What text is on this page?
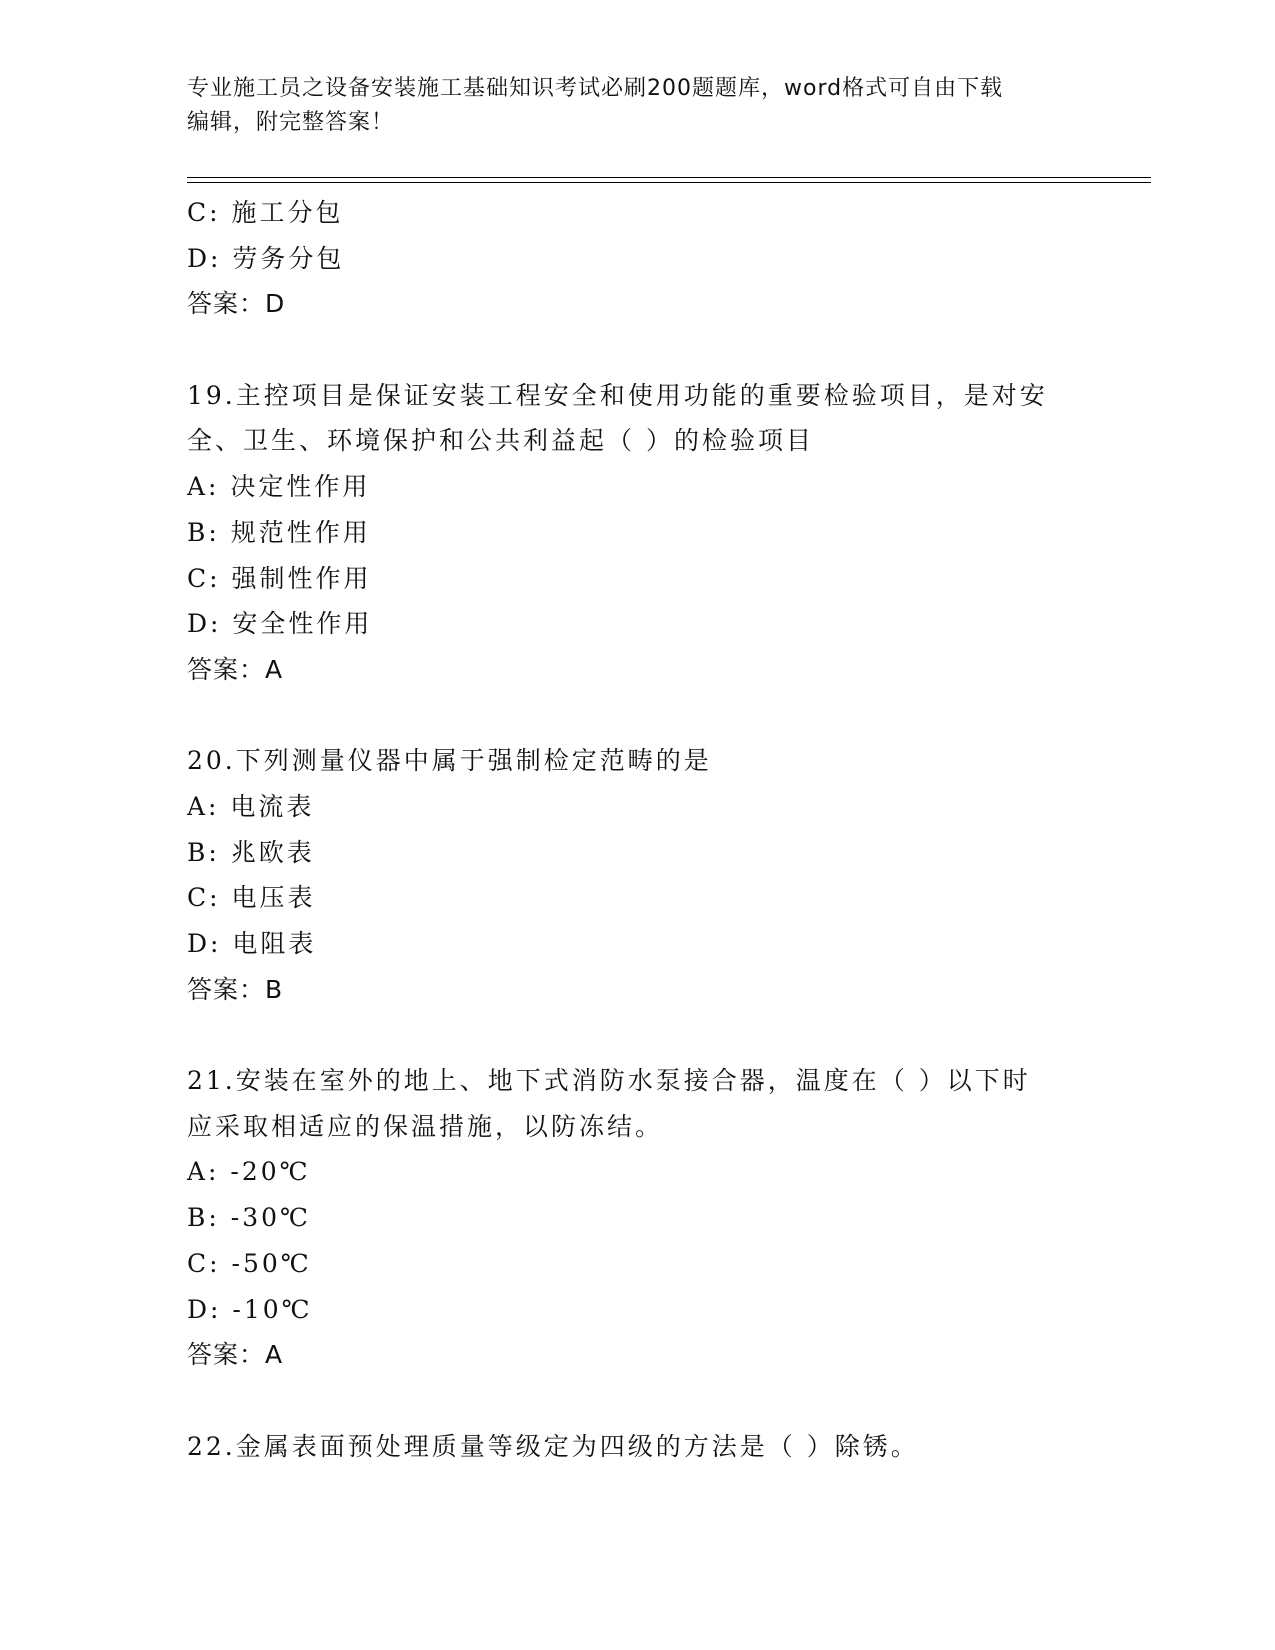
专业施工员之设备安装施工基础知识考试必刷200题题库，word格式可自由下载
编辑，附完整答案！
C: 施工分包
D: 劳务分包
答案：D
19.主控项目是保证安装工程安全和使用功能的重要检验项目，是对安
全、卫生、环境保护和公共利益起（ ）的检验项目
A: 决定性作用
B: 规范性作用
C: 强制性作用
D: 安全性作用
答案：A
20.下列测量仪器中属于强制检定范畴的是
A: 电流表
B: 兆欧表
C: 电压表
D: 电阻表
答案：B
21.安装在室外的地上、地下式消防水泵接合器，温度在（ ）以下时
应采取相适应的保温措施，以防冻结。
A: -20℃
B: -30℃
C: -50℃
D: -10℃
答案：A
22.金属表面预处理质量等级定为四级的方法是（ ）除锈。
